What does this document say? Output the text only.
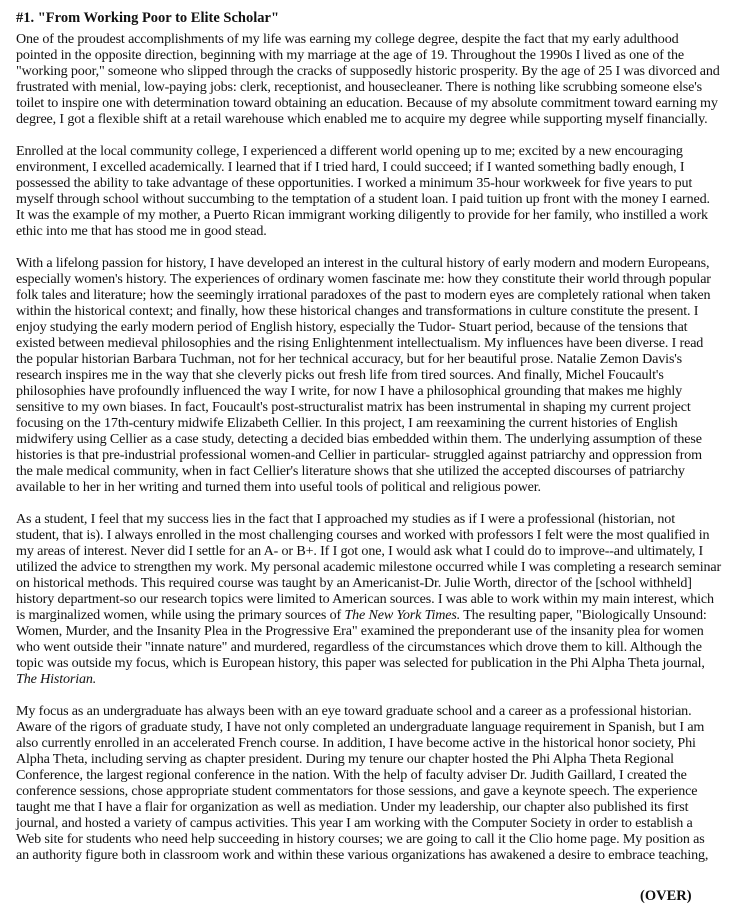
#1. "From Working Poor to Elite Scholar"
One of the proudest accomplishments of my life was earning my college degree, despite the fact that my early adulthood
pointed in the opposite direction, beginning with my marriage at the age of 19. Throughout the 1990s I lived as one of the
"working poor," someone who slipped through the cracks of supposedly historic prosperity. By the age of 25 I was divorced and
frustrated with menial, low-paying jobs: clerk, receptionist, and housecleaner. There is nothing like scrubbing someone else's
toilet to inspire one with determination toward obtaining an education. Because of my absolute commitment toward earning my
degree, I got a flexible shift at a retail warehouse which enabled me to acquire my degree while supporting myself financially.
Enrolled at the local community college, I experienced a different world opening up to me; excited by a new encouraging
environment, I excelled academically. I learned that if I tried hard, I could succeed; if I wanted something badly enough, I
possessed the ability to take advantage of these opportunities. I worked a minimum 35-hour workweek for five years to put
myself through school without succumbing to the temptation of a student loan. I paid tuition up front with the money I earned.
It was the example of my mother, a Puerto Rican immigrant working diligently to provide for her family, who instilled a work
ethic into me that has stood me in good stead.
With a lifelong passion for history, I have developed an interest in the cultural history of early modern and modern Europeans,
especially women's history. The experiences of ordinary women fascinate me: how they constitute their world through popular
folk tales and literature; how the seemingly irrational paradoxes of the past to modern eyes are completely rational when taken
within the historical context; and finally, how these historical changes and transformations in culture constitute the present. I
enjoy studying the early modern period of English history, especially the Tudor- Stuart period, because of the tensions that
existed between medieval philosophies and the rising Enlightenment intellectualism. My influences have been diverse. I read
the popular historian Barbara Tuchman, not for her technical accuracy, but for her beautiful prose. Natalie Zemon Davis's
research inspires me in the way that she cleverly picks out fresh life from tired sources. And finally, Michel Foucault's
philosophies have profoundly influenced the way I write, for now I have a philosophical grounding that makes me highly
sensitive to my own biases. In fact, Foucault's post-structuralist matrix has been instrumental in shaping my current project
focusing on the 17th-century midwife Elizabeth Cellier. In this project, I am reexamining the current histories of English
midwifery using Cellier as a case study, detecting a decided bias embedded within them. The underlying assumption of these
histories is that pre-industrial professional women-and Cellier in particular- struggled against patriarchy and oppression from
the male medical community, when in fact Cellier's literature shows that she utilized the accepted discourses of patriarchy
available to her in her writing and turned them into useful tools of political and religious power.
As a student, I feel that my success lies in the fact that I approached my studies as if I were a professional (historian, not
student, that is). I always enrolled in the most challenging courses and worked with professors I felt were the most qualified in
my areas of interest. Never did I settle for an A- or B+. If I got one, I would ask what I could do to improve--and ultimately, I
utilized the advice to strengthen my work. My personal academic milestone occurred while I was completing a research seminar
on historical methods. This required course was taught by an Americanist-Dr. Julie Worth, director of the [school withheld]
history department-so our research topics were limited to American sources. I was able to work within my main interest, which
is marginalized women, while using the primary sources of The New York Times. The resulting paper, "Biologically Unsound:
Women, Murder, and the Insanity Plea in the Progressive Era" examined the preponderant use of the insanity plea for women
who went outside their "innate nature" and murdered, regardless of the circumstances which drove them to kill. Although the
topic was outside my focus, which is European history, this paper was selected for publication in the Phi Alpha Theta journal,
The Historian.
My focus as an undergraduate has always been with an eye toward graduate school and a career as a professional historian.
Aware of the rigors of graduate study, I have not only completed an undergraduate language requirement in Spanish, but I am
also currently enrolled in an accelerated French course. In addition, I have become active in the historical honor society, Phi
Alpha Theta, including serving as chapter president. During my tenure our chapter hosted the Phi Alpha Theta Regional
Conference, the largest regional conference in the nation. With the help of faculty adviser Dr. Judith Gaillard, I created the
conference sessions, chose appropriate student commentators for those sessions, and gave a keynote speech. The experience
taught me that I have a flair for organization as well as mediation. Under my leadership, our chapter also published its first
journal, and hosted a variety of campus activities. This year I am working with the Computer Society in order to establish a
Web site for students who need help succeeding in history courses; we are going to call it the Clio home page. My position as
an authority figure both in classroom work and within these various organizations has awakened a desire to embrace teaching,
(OVER)
